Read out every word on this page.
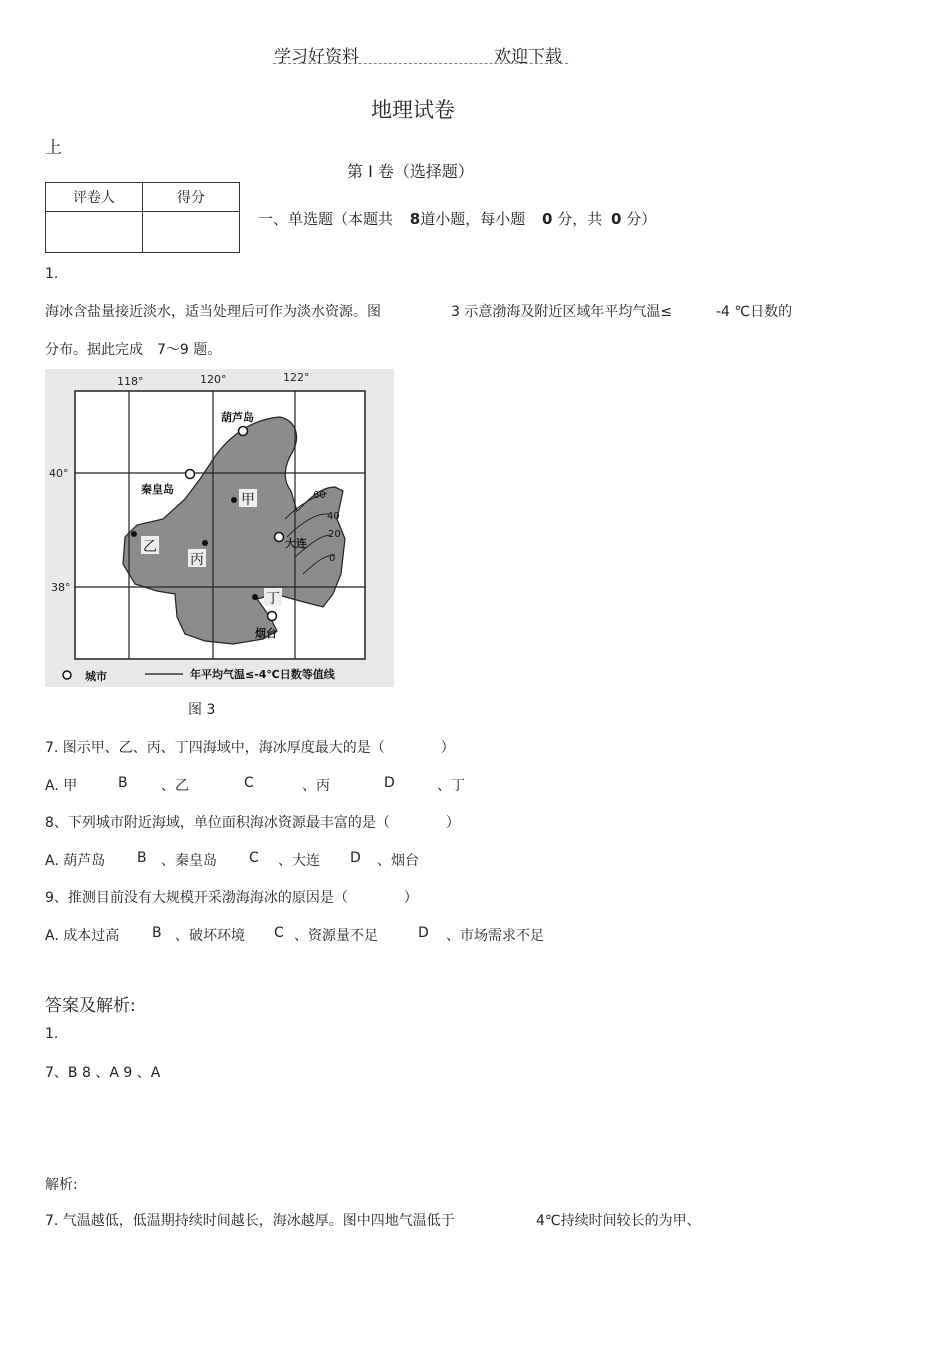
学习好资料	欢迎下载
地理试卷
上
第 I 卷（选择题）
评卷人	得分

一、单选题（本题共 8道小题，每小题 0 分，共 0 分）
1.
海冰含盐量接近淡水，适当处理后可作为淡水资源。图	3 示意渤海及附近区域年平均气温≤	-4 ℃日数的
分布。据此完成　7～9 题。
118°	120°	122°
40°
38°
60
40
20
0
葫芦岛
秦皇岛
大连
烟台
甲
乙
丙
丁
城市	年平均气温≤-4℃日数等值线
图 3
7. 图示甲、乙、丙、丁四海域中，海冰厚度最大的是（　　　　）
A. 甲	B 、乙	C	、丙	D	、丁
8、下列城市附近海域，单位面积海冰资源最丰富的是（　　　　）
A. 葫芦岛 B 、秦皇岛 C 、大连 D 、烟台
9、推测目前没有大规模开采渤海海冰的原因是（　　　　）
A. 成本过高 B 、破坏环境 C 、资源量不足	D 、市场需求不足
答案及解析:
1.
7、B 8 、A 9 、A
解析:
7. 气温越低，低温期持续时间越长，海冰越厚。图中四地气温低于	4℃持续时间较长的为甲、
